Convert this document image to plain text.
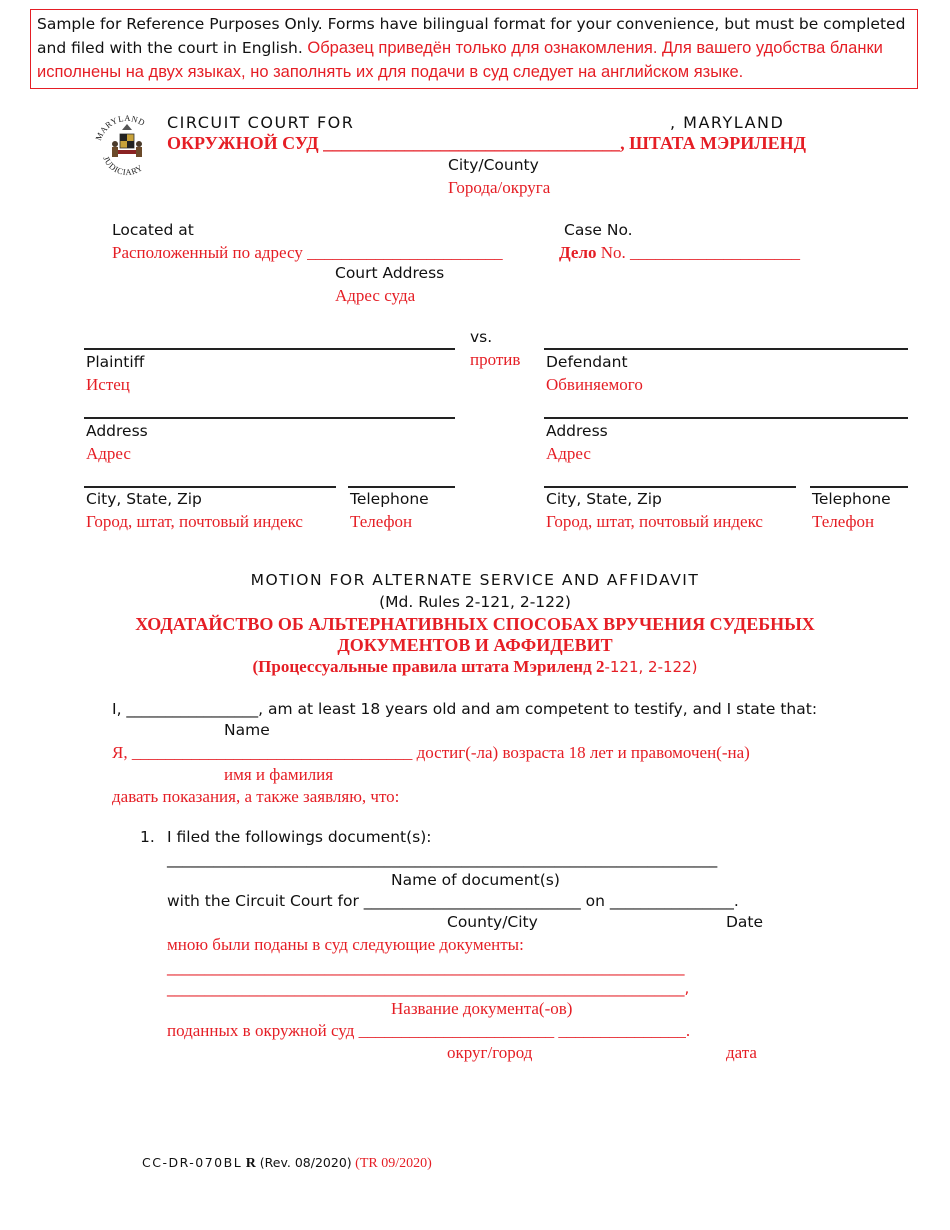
Sample for Reference Purposes Only. Forms have bilingual format for your convenience, but must be completed and filed with the court in English. Образец приведён только для ознакомления. Для вашего удобства бланки исполнены на двух языках, но заполнять их для подачи в суд следует на английском языке.
MARYLAND
JUDICIARY
CIRCUIT COURT FOR	, MARYLAND
ОКРУЖНОЙ СУД _________________________________, ШТАТА МЭРИЛЕНД
City/County
Города/округа
Located at
Расположенный по адресу _______________________
Case No.
Дело No. ____________________
Court Address
Адрес суда
vs.
против
Plaintiff
Истец
Defendant
Обвиняемого
Address
Адрес
Address
Адрес
City, State, Zip
Город, штат, почтовый индекс
Telephone
Телефон
City, State, Zip
Город, штат, почтовый индекс
Telephone
Телефон
MOTION FOR ALTERNATE SERVICE AND AFFIDAVIT
(Md. Rules 2-121, 2-122)
ХОДАТАЙСТВО ОБ АЛЬТЕРНАТИВНЫХ СПОСОБАХ ВРУЧЕНИЯ СУДЕБНЫХ
ДОКУМЕНТОВ И АФФИДЕВИТ
(Процессуальные правила штата Мэриленд 2-121, 2-122)
I, _________________, am at least 18 years old and am competent to testify, and I state that:
Name
Я, _________________________________ достиг(-ла) возраста 18 лет и правомочен(-на)
имя и фамилия
давать показания, а также заявляю, что:
1. I filed the followings document(s):
_______________________________________________________________________
Name of document(s)
with the Circuit Court for ____________________________ on ________________.
County/City	Date
мною были поданы в суд следующие документы:
_____________________________________________________________________
_____________________________________________________________________,
Название документа(-ов)
поданных в окружной суд _______________________ _______________.
округ/город	дата
CC-DR-070BL R (Rev. 08/2020) (TR 09/2020)
